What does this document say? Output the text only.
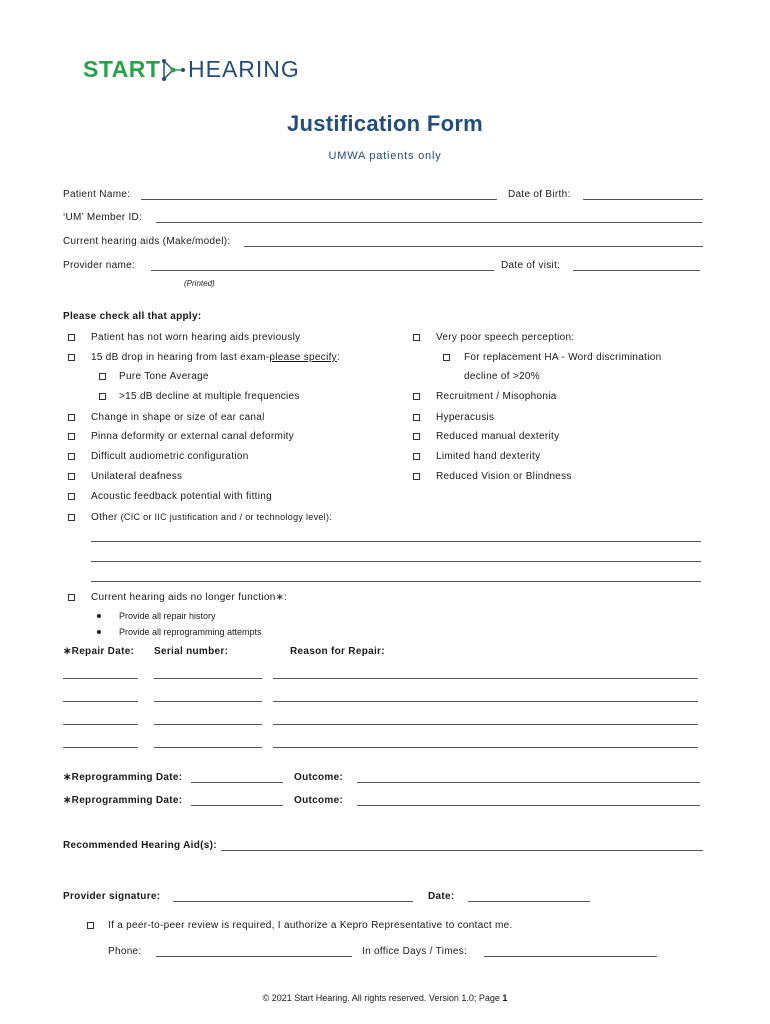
START HEARING
Justification Form
UMWA patients only
Patient Name:	Date of Birth:
‘UM’ Member ID:
Current hearing aids (Make/model):
Provider name:	Date of visit:
(Printed)
Please check all that apply:
Patient has not worn hearing aids previously
15 dB drop in hearing from last exam-please specify:
Pure Tone Average
>15 dB decline at multiple frequencies
Change in shape or size of ear canal
Pinna deformity or external canal deformity
Difficult audiometric configuration
Unilateral deafness
Acoustic feedback potential with fitting
Other (CIC or IIC justification and / or technology level):
Very poor speech perception:
For replacement HA - Word discrimination
decline of >20%
Recruitment / Misophonia
Hyperacusis
Reduced manual dexterity
Limited hand dexterity
Reduced Vision or Blindness
Current hearing aids no longer function∗:
Provide all repair history
Provide all reprogramming attempts
∗Repair Date: Serial number:	Reason for Repair:
∗Reprogramming Date:	Outcome:
∗Reprogramming Date:	Outcome:
Recommended Hearing Aid(s):
Provider signature:	Date:
If a peer-to-peer review is required, I authorize a Kepro Representative to contact me.
Phone:	In office Days / Times:
© 2021 Start Hearing. All rights reserved. Version 1.0; Page 1
